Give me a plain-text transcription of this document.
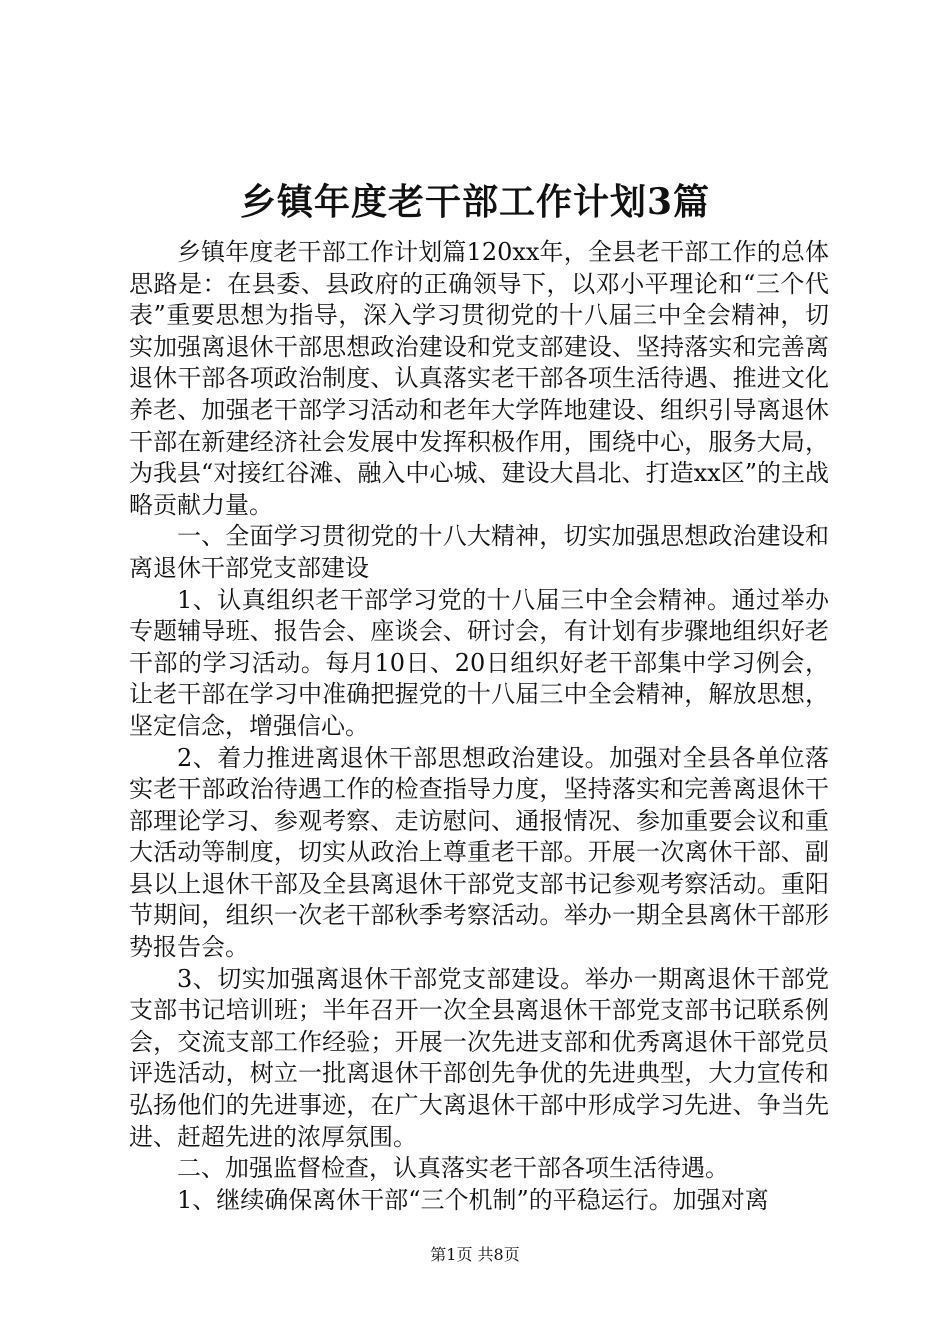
乡镇年度老干部工作计划3篇

乡镇年度老干部工作计划篇120xx年，全县老干部工作的总体思路是：在县委、县政府的正确领导下，以邓小平理论和“三个代表”重要思想为指导，深入学习贯彻党的十八届三中全会精神，切实加强离退休干部思想政治建设和党支部建设、坚持落实和完善离退休干部各项政治制度、认真落实老干部各项生活待遇、推进文化养老、加强老干部学习活动和老年大学阵地建设、组织引导离退休干部在新建经济社会发展中发挥积极作用，围绕中心，服务大局，为我县“对接红谷滩、融入中心城、建设大昌北、打造xx区”的主战略贡献力量。

一、全面学习贯彻党的十八大精神，切实加强思想政治建设和离退休干部党支部建设

1、认真组织老干部学习党的十八届三中全会精神。通过举办专题辅导班、报告会、座谈会、研讨会，有计划有步骤地组织好老干部的学习活动。每月10日、20日组织好老干部集中学习例会，让老干部在学习中准确把握党的十八届三中全会精神，解放思想，坚定信念，增强信心。

2、着力推进离退休干部思想政治建设。加强对全县各单位落实老干部政治待遇工作的检查指导力度，坚持落实和完善离退休干部理论学习、参观考察、走访慰问、通报情况、参加重要会议和重大活动等制度，切实从政治上尊重老干部。开展一次离休干部、副县以上退休干部及全县离退休干部党支部书记参观考察活动。重阳节期间，组织一次老干部秋季考察活动。举办一期全县离休干部形势报告会。

3、切实加强离退休干部党支部建设。举办一期离退休干部党支部书记培训班；半年召开一次全县离退休干部党支部书记联系例会，交流支部工作经验；开展一次先进支部和优秀离退休干部党员评选活动，树立一批离退休干部创先争优的先进典型，大力宣传和弘扬他们的先进事迹，在广大离退休干部中形成学习先进、争当先进、赶超先进的浓厚氛围。

二、加强监督检查，认真落实老干部各项生活待遇。

1、继续确保离休干部“三个机制”的平稳运行。加强对离

第1页 共8页
